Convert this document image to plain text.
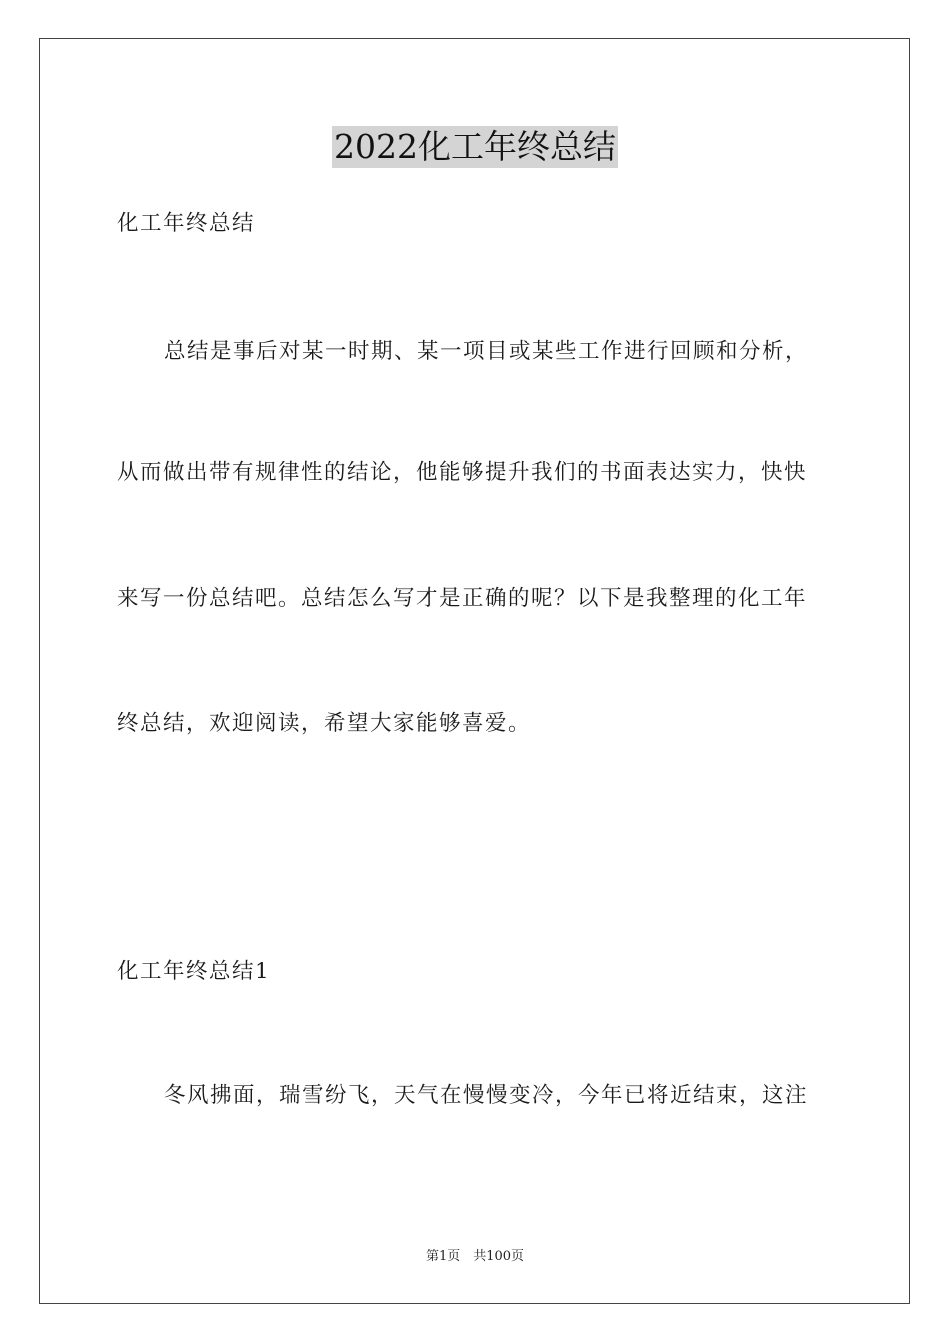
2022化工年终总结
化工年终总结
总结是事后对某一时期、某一项目或某些工作进行回顾和分析，
从而做出带有规律性的结论，他能够提升我们的书面表达实力，快快
来写一份总结吧。总结怎么写才是正确的呢？以下是我整理的化工年
终总结，欢迎阅读，希望大家能够喜爱。
化工年终总结1
冬风拂面，瑞雪纷飞，天气在慢慢变冷，今年已将近结束，这注
第1页　共100页
